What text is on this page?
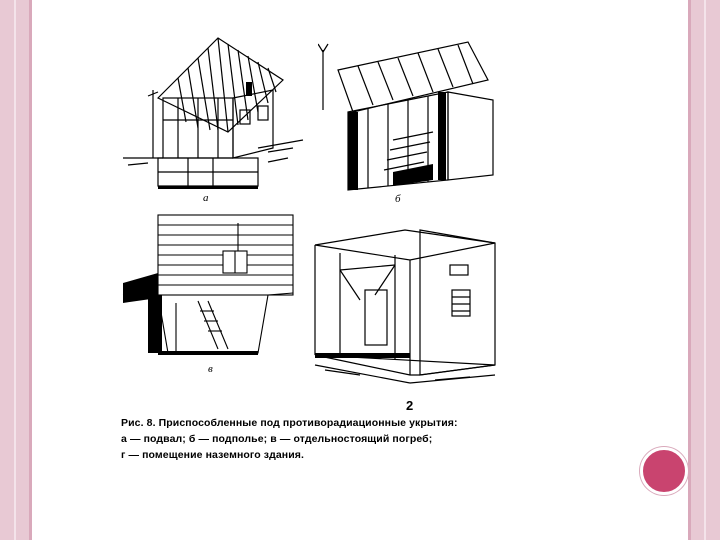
а	б
в
2
Рис. 8. Приспособленные под противорадиационные укрытия:
а — подвал; б — подполье; в — отдельностоящий погреб;
г — помещение наземного здания.
